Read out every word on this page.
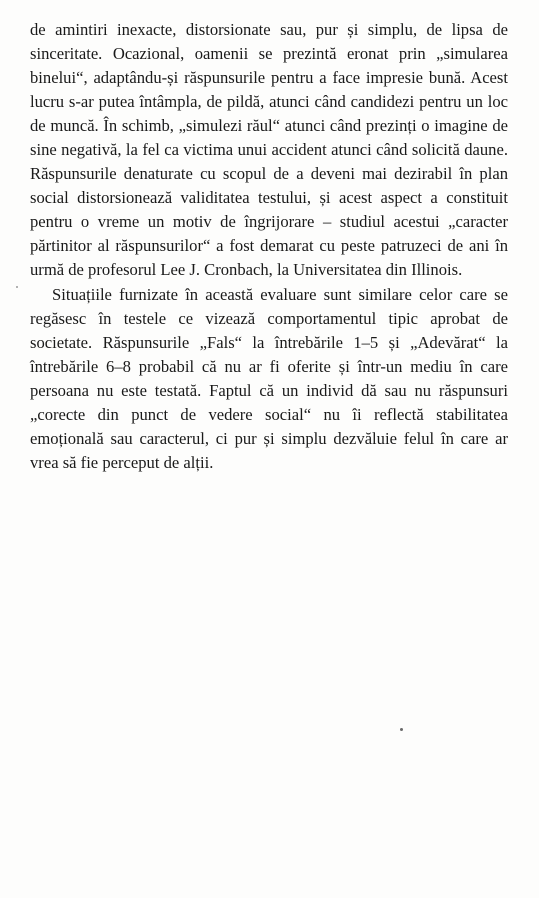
de amintiri inexacte, distorsionate sau, pur și simplu, de lipsa de sinceritate. Ocazional, oamenii se prezintă eronat prin „simularea binelui“, adaptându-și răspunsurile pentru a face impresie bună. Acest lucru s-ar putea întâmpla, de pildă, atunci când candidezi pentru un loc de muncă. În schimb, „simulezi răul“ atunci când prezinți o imagine de sine negativă, la fel ca victima unui accident atunci când solicită daune. Răspunsurile denaturate cu scopul de a deveni mai dezirabil în plan social distorsionează validitatea testului, și acest aspect a constituit pentru o vreme un motiv de îngrijorare – studiul acestui „caracter părtinitor al răspunsurilor“ a fost demarat cu peste patruzeci de ani în urmă de profesorul Lee J. Cronbach, la Universitatea din Illinois.

Situațiile furnizate în această evaluare sunt similare celor care se regăsesc în testele ce vizează comportamentul tipic aprobat de societate. Răspunsurile „Fals“ la întrebările 1–5 și „Adevărat“ la întrebările 6–8 probabil că nu ar fi oferite și într-un mediu în care persoana nu este testată. Faptul că un individ dă sau nu răspunsuri „corecte din punct de vedere social“ nu îi reflectă stabilitatea emoțională sau caracterul, ci pur și simplu dezvăluie felul în care ar vrea să fie perceput de alții.
